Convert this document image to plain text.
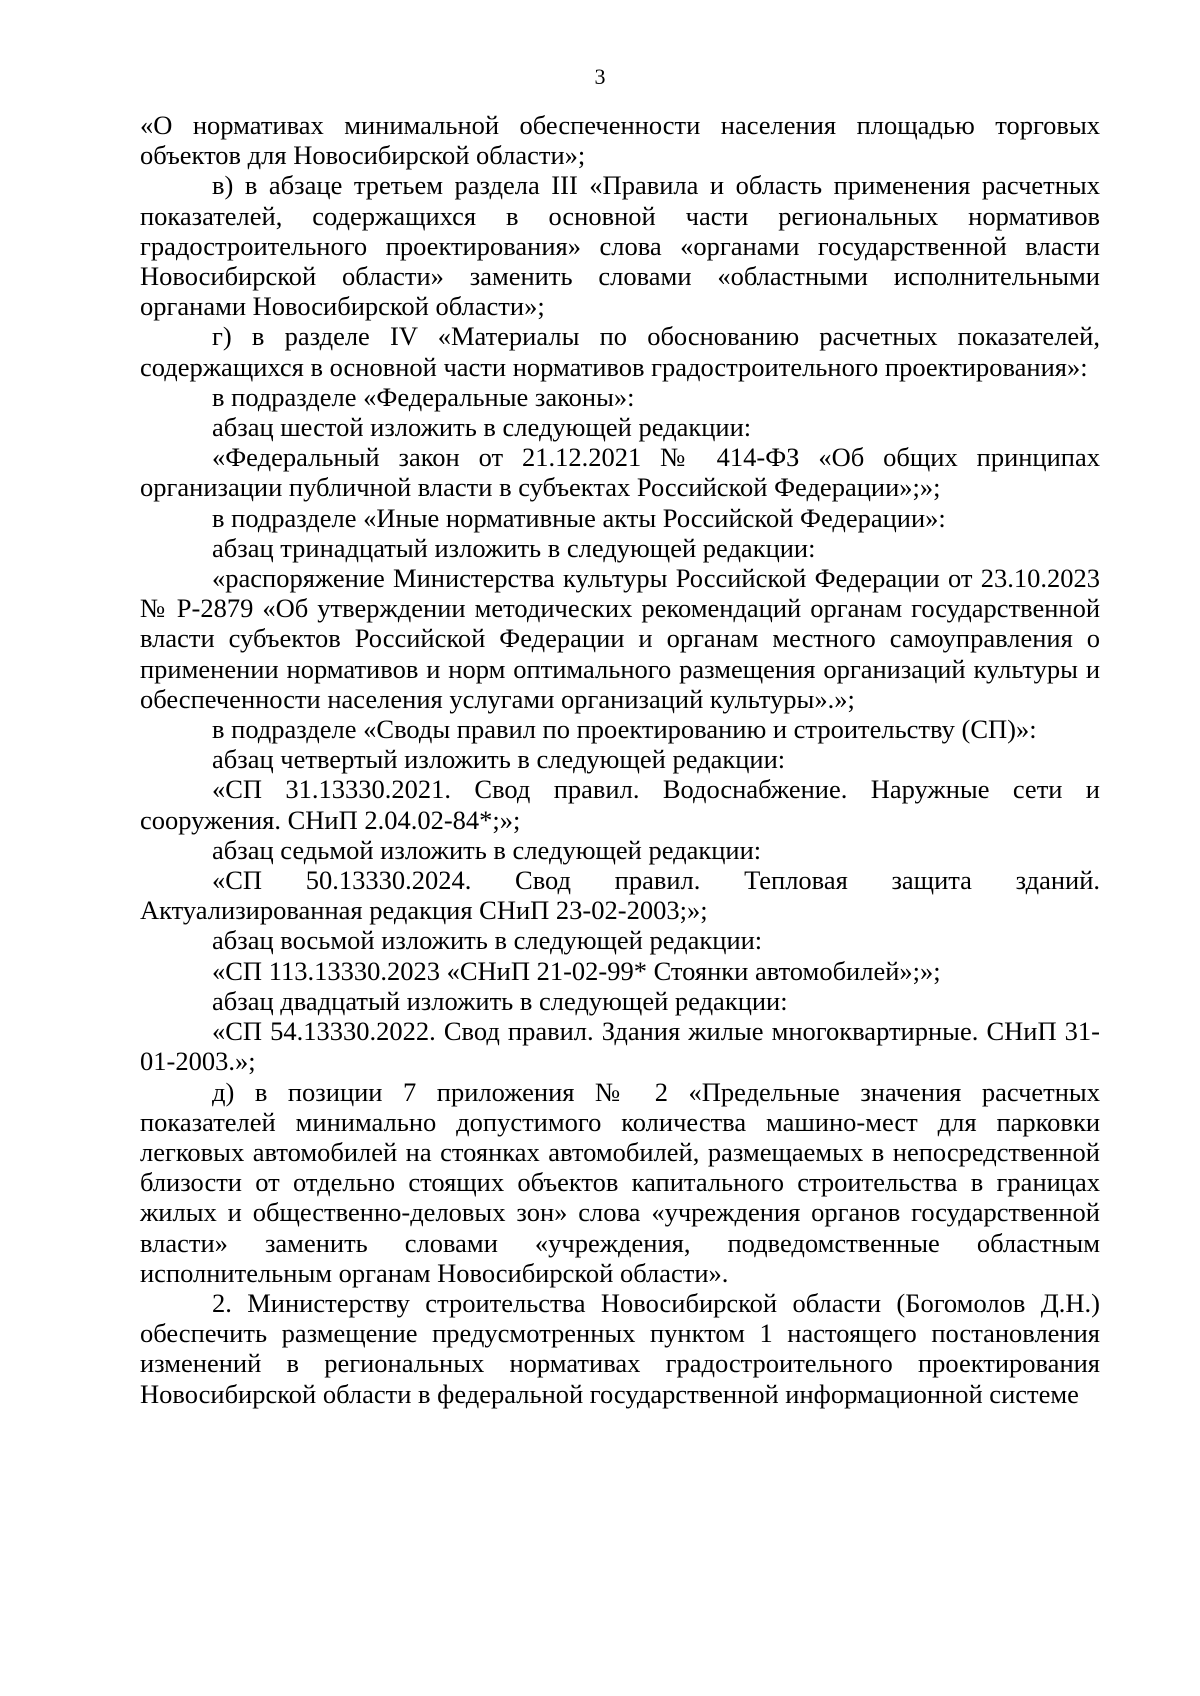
3

«О нормативах минимальной обеспеченности населения площадью торговых объектов для Новосибирской области»;

в) в абзаце третьем раздела III «Правила и область применения расчетных показателей, содержащихся в основной части региональных нормативов градостроительного проектирования» слова «органами государственной власти Новосибирской области» заменить словами «областными исполнительными органами Новосибирской области»;

г) в разделе IV «Материалы по обоснованию расчетных показателей, содержащихся в основной части нормативов градостроительного проектирования»:

в подразделе «Федеральные законы»:

абзац шестой изложить в следующей редакции:

«Федеральный закон от 21.12.2021 № 414-ФЗ «Об общих принципах организации публичной власти в субъектах Российской Федерации»;»;

в подразделе «Иные нормативные акты Российской Федерации»:

абзац тринадцатый изложить в следующей редакции:

«распоряжение Министерства культуры Российской Федерации от 23.10.2023 № Р-2879 «Об утверждении методических рекомендаций органам государственной власти субъектов Российской Федерации и органам местного самоуправления о применении нормативов и норм оптимального размещения организаций культуры и обеспеченности населения услугами организаций культуры».»;

в подразделе «Своды правил по проектированию и строительству (СП)»:

абзац четвертый изложить в следующей редакции:

«СП 31.13330.2021. Свод правил. Водоснабжение. Наружные сети и сооружения. СНиП 2.04.02-84*;»;

абзац седьмой изложить в следующей редакции:

«СП 50.13330.2024. Свод правил. Тепловая защита зданий. Актуализированная редакция СНиП 23-02-2003;»;

абзац восьмой изложить в следующей редакции:

«СП 113.13330.2023 «СНиП 21-02-99* Стоянки автомобилей»;»;

абзац двадцатый изложить в следующей редакции:

«СП 54.13330.2022. Свод правил. Здания жилые многоквартирные. СНиП 31-01-2003.»;

д) в позиции 7 приложения № 2 «Предельные значения расчетных показателей минимально допустимого количества машино-мест для парковки легковых автомобилей на стоянках автомобилей, размещаемых в непосредственной близости от отдельно стоящих объектов капитального строительства в границах жилых и общественно-деловых зон» слова «учреждения органов государственной власти» заменить словами «учреждения, подведомственные областным исполнительным органам Новосибирской области».

2. Министерству строительства Новосибирской области (Богомолов Д.Н.) обеспечить размещение предусмотренных пунктом 1 настоящего постановления изменений в региональных нормативах градостроительного проектирования Новосибирской области в федеральной государственной информационной системе
